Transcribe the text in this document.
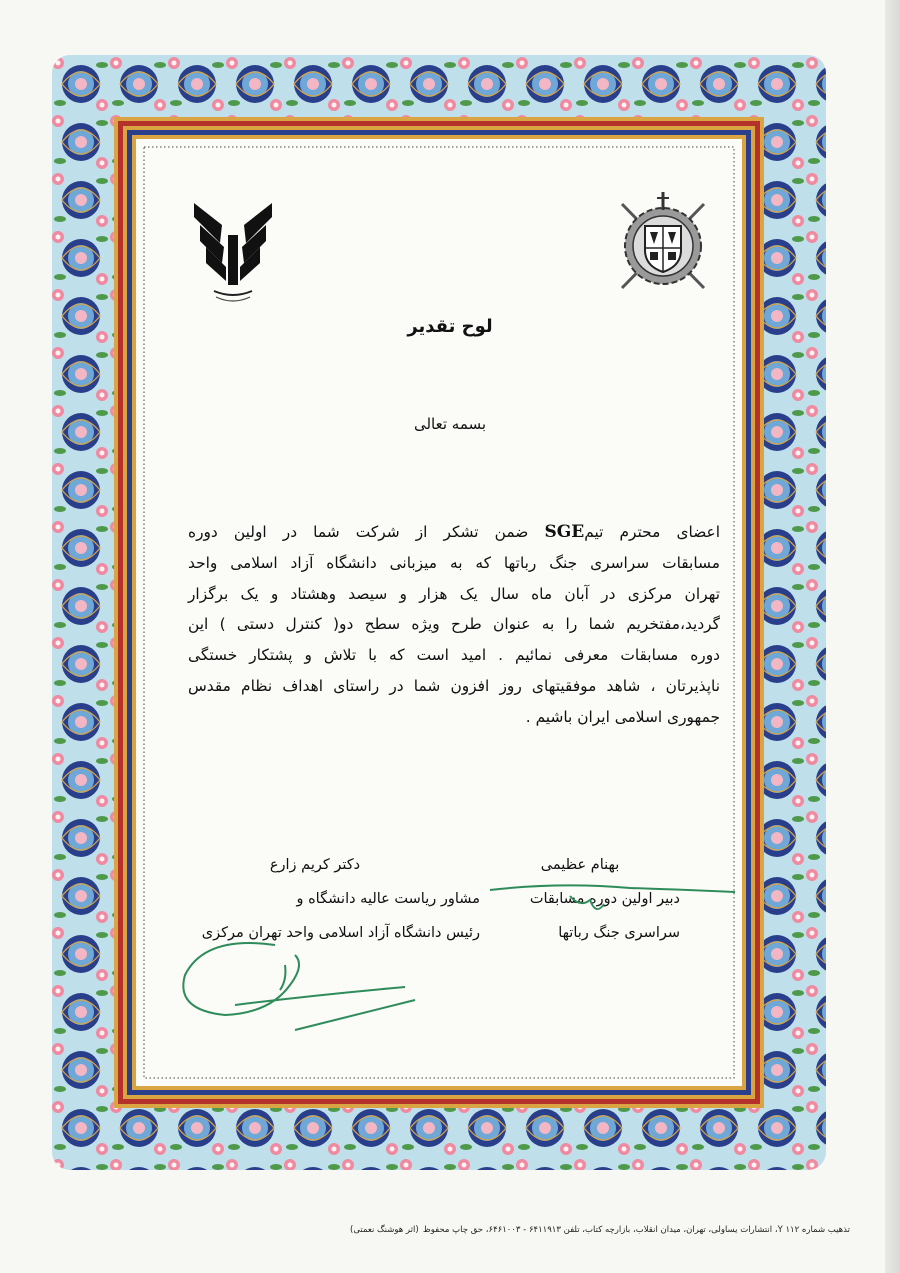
لوح تقدیر
بسمه تعالی
اعضای محترم تیمSGE ضمن تشکر از شرکت شما در اولین دوره
مسابقات سراسری جنگ رباتها که به میزبانی دانشگاه آزاد اسلامی واحد
تهران مرکزی در آبان ماه سال یک هزار و سیصد وهشتاد و یک برگزار
گردید،مفتخریم شما را به عنوان طرح ویژه سطح دو( کنترل دستی ) این
دوره مسابقات معرفی نمائیم . امید است که با تلاش و پشتکار خستگی
ناپذیرتان ، شاهد موفقیتهای روز افزون شما در راستای اهداف نظام مقدس
جمهوری اسلامی ایران باشیم .
بهنام عظیمی
دبیر اولین دوره مسابقات
سراسری جنگ رباتها
دکتر کریم زارع
مشاور ریاست عالیه دانشگاه و
رئیس دانشگاه آزاد اسلامی واحد تهران مرکزی
تذهیب شماره ۱۱۲ Y، انتشارات یساولی، تهران، میدان انقلاب، بازارچه کتاب، تلفن ۶۴۱۱۹۱۳ - ۶۴۶۱۰۰۳، حق چاپ محفوظ
(اثر هوشنگ نعمتی)
